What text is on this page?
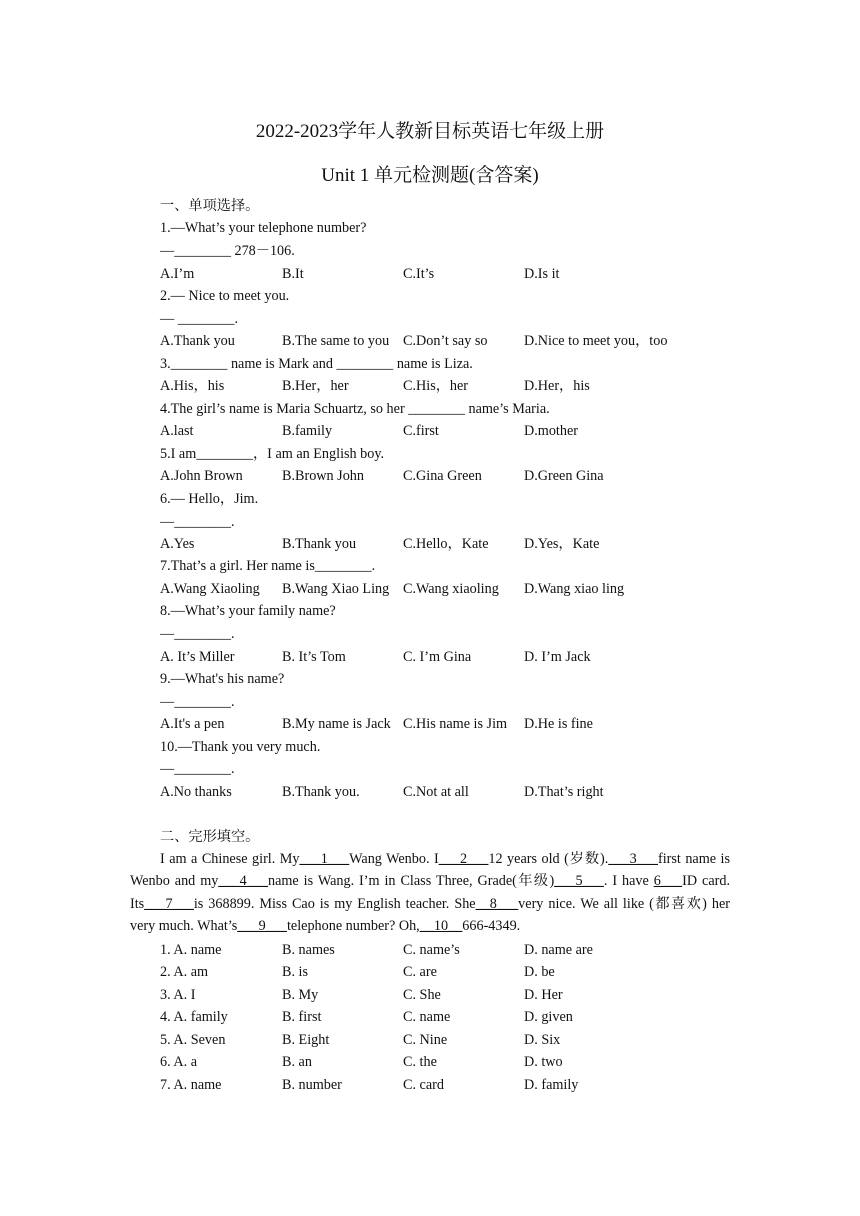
2022-2023学年人教新目标英语七年级上册
Unit 1 单元检测题(含答案)
一、单项选择。
1.—What’s your telephone number?
—________ 278－106.
A.I’m	B.It	C.It’s	D.Is it
2.— Nice to meet you.
— ________.
A.Thank you	B.The same to you C.Don’t say so	D.Nice to meet you，too
3.________ name is Mark and ________ name is Liza.
A.His，his	B.Her，her	C.His，her	D.Her，his
4.The girl’s name is Maria Schuartz, so her ________ name’s Maria.
A.last	B.family	C.first	D.mother
5.I am________，I am an English boy.
A.John Brown	B.Brown John	C.Gina Green	D.Green Gina
6.— Hello，Jim.
—________.
A.Yes	B.Thank you	C.Hello，Kate	D.Yes，Kate
7.That’s a girl. Her name is________.
A.Wang Xiaoling B.Wang Xiao Ling C.Wang xiaoling D.Wang xiao ling
8.—What’s your family name?
—________.
A. It’s Miller	B. It’s Tom	C. I’m Gina	D. I’m Jack
9.—What's his name?
—________.
A.It's a pen	B.My name is Jack C.His name is Jim D.He is fine
10.—Thank you very much.
—________.
A.No thanks	B.Thank you.	C.Not at all	D.That’s right
二、完形填空。
I am a Chinese girl. My___1___Wang Wenbo. I___2___12 years old (岁数).___3___first name is Wenbo and my___4___name is Wang. I’m in Class Three, Grade(年级)___5___. I have 6___ID card. Its___7___is 368899. Miss Cao is my English teacher. She__8___very nice. We all like (都喜欢) her very much. What’s___9___telephone number? Oh,__10__666-4349.
1. A. name	B. names	C. name’s	D. name are
2. A. am	B. is	C. are	D. be
3. A. I	B. My	C. She	D. Her
4. A. family	B. first	C. name	D. given
5. A. Seven	B. Eight	C. Nine	D. Six
6. A. a	B. an	C. the	D. two
7. A. name	B. number	C. card	D. family
